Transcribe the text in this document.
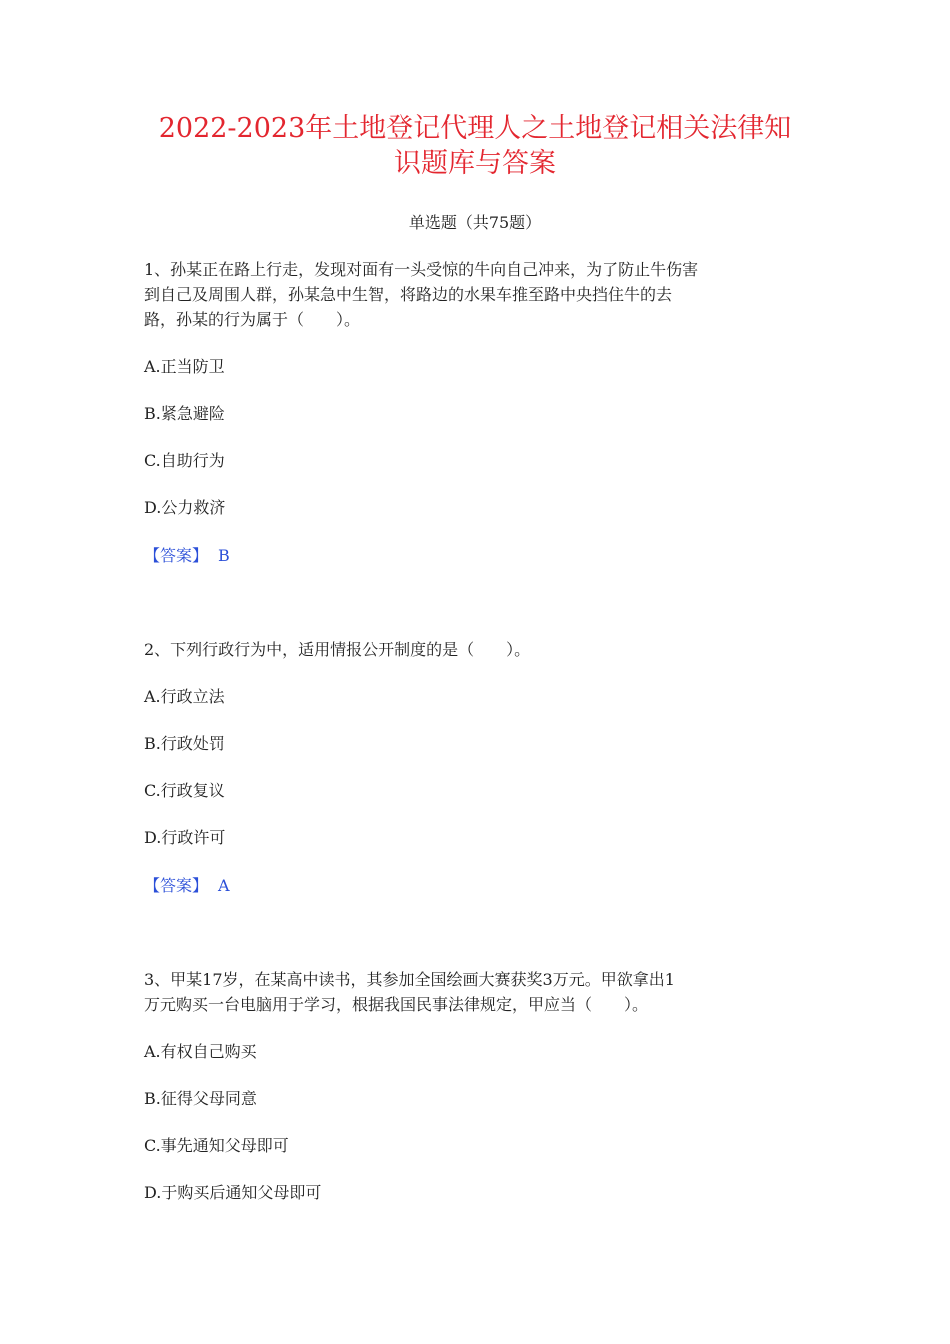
2022-2023年土地登记代理人之土地登记相关法律知
识题库与答案
单选题（共75题）
1、孙某正在路上行走，发现对面有一头受惊的牛向自己冲来，为了防止牛伤害
到自己及周围人群，孙某急中生智，将路边的水果车推至路中央挡住牛的去
路，孙某的行为属于（　　）。
A.正当防卫
B.紧急避险
C.自助行为
D.公力救济
【答案】 B
2、下列行政行为中，适用情报公开制度的是（　　）。
A.行政立法
B.行政处罚
C.行政复议
D.行政许可
【答案】 A
3、甲某17岁，在某高中读书，其参加全国绘画大赛获奖3万元。甲欲拿出1
万元购买一台电脑用于学习，根据我国民事法律规定，甲应当（　　）。
A.有权自己购买
B.征得父母同意
C.事先通知父母即可
D.于购买后通知父母即可
